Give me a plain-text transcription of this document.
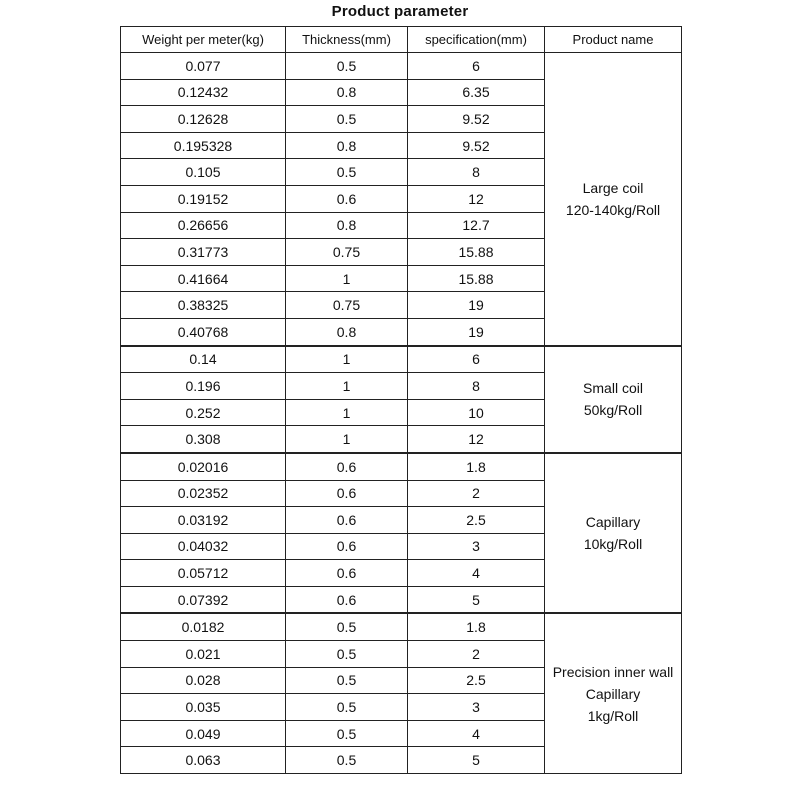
Product parameter
Weight per meter(kg)	Thickness(mm)	specification(mm)	Product name
0.077	0.5	6	Large coil
120-140kg/Roll

0.12432	0.8	6.35	
0.12628	0.5	9.52	
0.195328	0.8	9.52	
0.105	0.5	8	
0.19152	0.6	12	
0.26656	0.8	12.7	
0.31773	0.75	15.88	
0.41664	1	15.88	
0.38325	0.75	19	
0.40768	0.8	19	
0.14	1	6	Small coil
50kg/Roll

0.196	1	8	
0.252	1	10	
0.308	1	12	
0.02016	0.6	1.8	Capillary
10kg/Roll

0.02352	0.6	2	
0.03192	0.6	2.5	
0.04032	0.6	3	
0.05712	0.6	4	
0.07392	0.6	5	
0.0182	0.5	1.8	Precision inner wall
Capillary
1kg/Roll

0.021	0.5	2	
0.028	0.5	2.5	
0.035	0.5	3	
0.049	0.5	4	
0.063	0.5	5	
